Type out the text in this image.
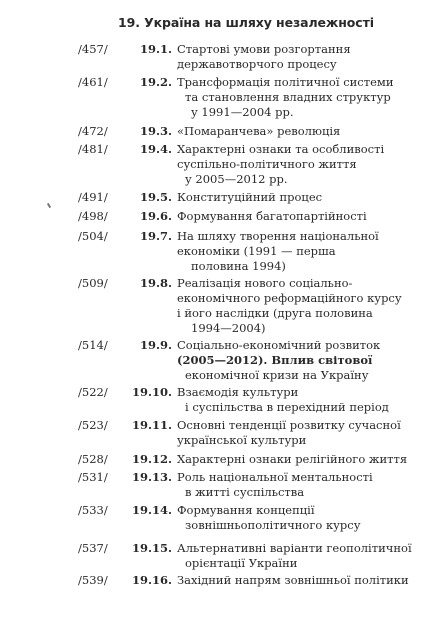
19. Україна на шляху незалежності
/457/	19.1. Стартові умови розгортання
державотворчого процесу
/461/	19.2. Трансформація політичної системи
та становлення владних структур
у 1991—2004 рр.
/472/	19.3. «Помаранчева» революція
/481/	19.4. Характерні ознаки та особливості
суспільно-політичного життя
у 2005—2012 рр.
/491/	19.5. Конституційний процес
/498/	19.6. Формування багатопартійності
/504/	19.7. На шляху творення національної
економіки (1991 — перша
половина 1994)
/509/	19.8. Реалізація нового соціально-
економічного реформаційного курсу
і його наслідки (друга половина
1994—2004)
/514/	19.9. Соціально-економічний розвиток
(2005—2012). Вплив світової
економічної кризи на Україну
/522/ 19.10. Взаємодія культури
і суспільства в перехідний період
/523/ 19.11. Основні тенденції розвитку сучасної
української культури
/528/ 19.12. Характерні ознаки релігійного життя
/531/ 19.13. Роль національної ментальності
в житті суспільства
/533/ 19.14. Формування концепції
зовнішньополітичного курсу
/537/ 19.15. Альтернативні варіанти геополітичної
орієнтації України
/539/ 19.16. Західний напрям зовнішньої політики
